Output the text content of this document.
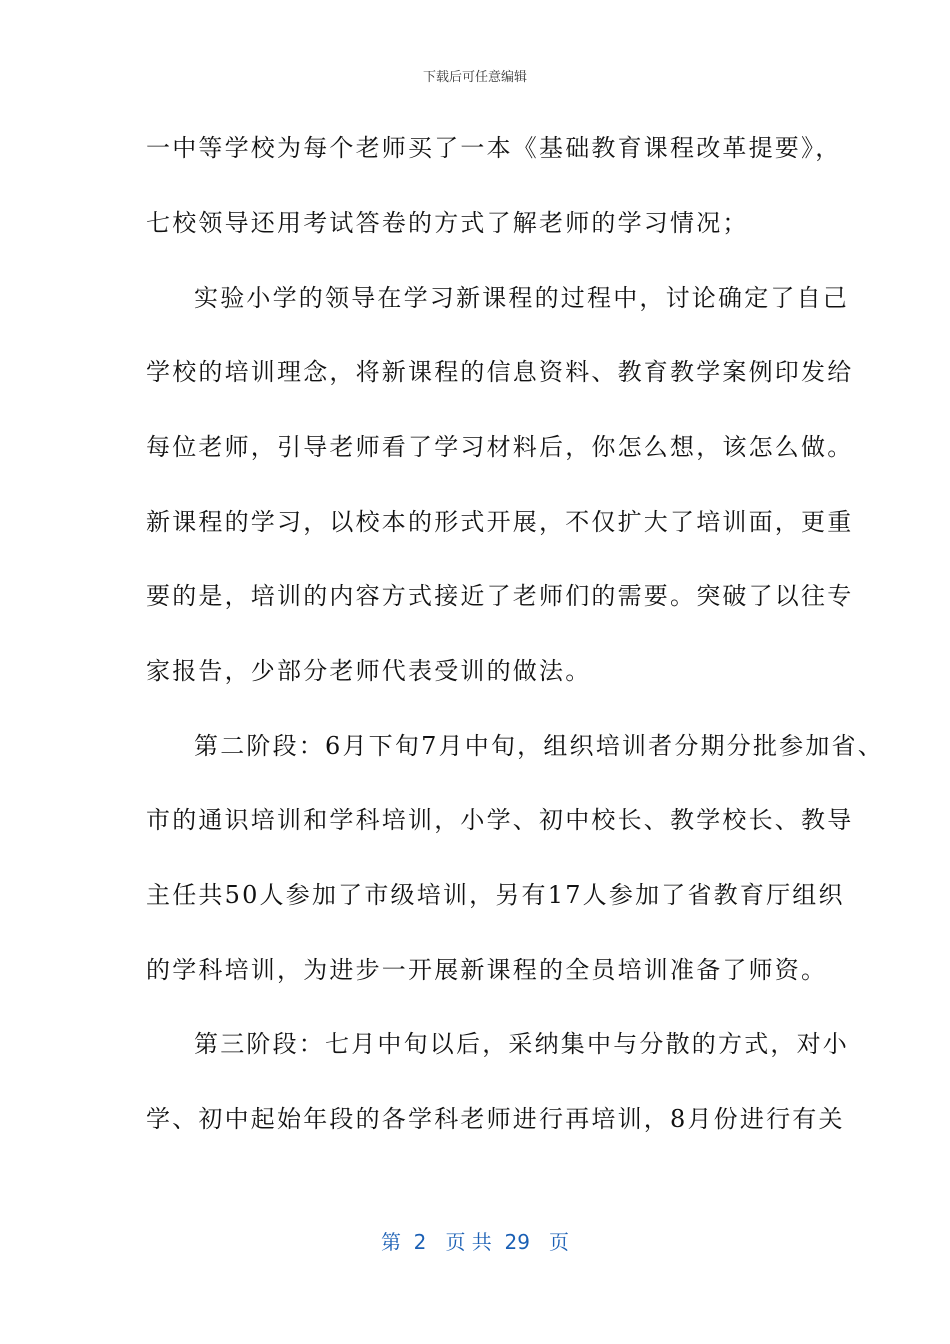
下载后可任意编辑
一中等学校为每个老师买了一本《基础教育课程改革提要》，
七校领导还用考试答卷的方式了解老师的学习情况；
实验小学的领导在学习新课程的过程中，讨论确定了自己
学校的培训理念，将新课程的信息资料、教育教学案例印发给
每位老师，引导老师看了学习材料后，你怎么想，该怎么做。
新课程的学习，以校本的形式开展，不仅扩大了培训面，更重
要的是，培训的内容方式接近了老师们的需要。突破了以往专
家报告，少部分老师代表受训的做法。
第二阶段：6月下旬7月中旬，组织培训者分期分批参加省、
市的通识培训和学科培训，小学、初中校长、教学校长、教导
主任共50人参加了市级培训，另有17人参加了省教育厅组织
的学科培训，为进步一开展新课程的全员培训准备了师资。
第三阶段：七月中旬以后，采纳集中与分散的方式，对小
学、初中起始年段的各学科老师进行再培训，8月份进行有关
第  2   页 共  29   页
